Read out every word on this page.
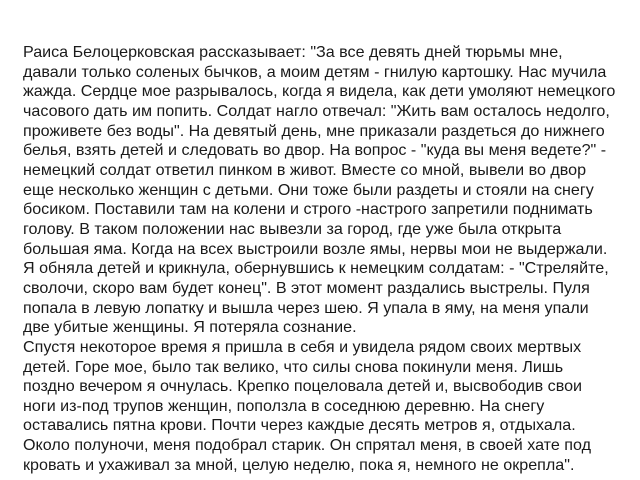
Раиса Белоцерковская рассказывает: "За все девять дней тюрьмы мне,
давали только соленых бычков, а моим детям - гнилую картошку. Нас мучила
жажда. Сердце мое разрывалось, когда я видела, как дети умоляют немецкого
часового дать им попить. Солдат нагло отвечал: "Жить вам осталось недолго,
проживете без воды". На девятый день, мне приказали раздеться до нижнего
белья, взять детей и следовать во двор. На вопрос - "куда вы меня ведете?" -
немецкий солдат ответил пинком в живот. Вместе со мной, вывели во двор
еще несколько женщин с детьми. Они тоже были раздеты и стояли на снегу
босиком. Поставили там на колени и строго -настрого запретили поднимать
голову. В таком положении нас вывезли за город, где уже была открыта
большая яма. Когда на всех выстроили возле ямы, нервы мои не выдержали.
Я обняла детей и крикнула, обернувшись к немецким солдатам: - "Стреляйте,
сволочи, скоро вам будет конец". В этот момент раздались выстрелы. Пуля
попала в левую лопатку и вышла через шею. Я упала в яму, на меня упали
две убитые женщины. Я потеряла сознание.
Спустя некоторое время я пришла в себя и увидела рядом своих мертвых
детей. Горе мое, было так велико, что силы снова покинули меня. Лишь
поздно вечером я очнулась. Крепко поцеловала детей и, высвободив свои
ноги из-под трупов женщин, поползла в соседнюю деревню. На снегу
оставались пятна крови. Почти через каждые десять метров я, отдыхала.
Около полуночи, меня подобрал старик. Он спрятал меня, в своей хате под
кровать и ухаживал за мной, целую неделю, пока я, немного не окрепла".
